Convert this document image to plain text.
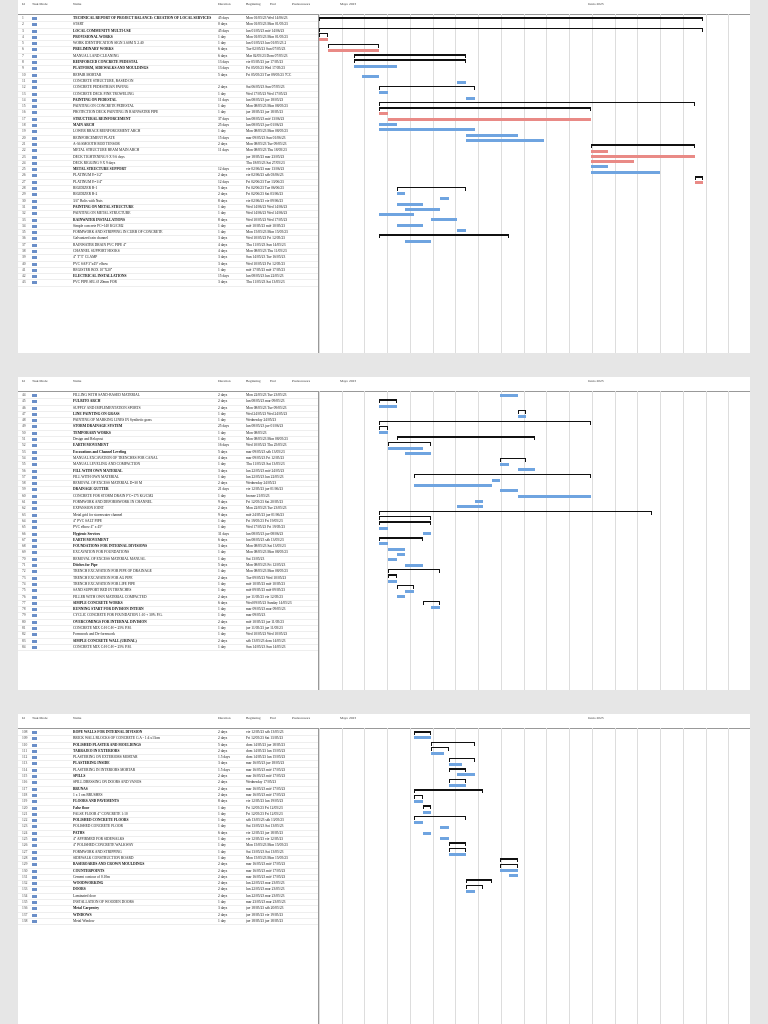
Id Task Mode	Name	Duration	Beginning	End	Predecessors	Mayo 2023	Junio 2023
1	TECHNICAL REPORT OF PROJECT BALANCE: CREATION OF LOCAL SERVICES	45 days	Mon 01/05/23 Wed 14/06/23
2	START	0 days	Mon 01/05/23 Mon 01/05/23
3	LOCAL COMMUNITY MULTI-USE	45 days	lun 01/05/23 mié 14/06/23
4	PROVISIONAL WORKS	1 day	Mon 01/05/23 Mon 01/05/23
5	WORK IDENTIFICATION SIGN 3.60M X 2.40	1 day	lun 01/05/23 lun 01/05/23 2
6	PRELIMINARY WORKS	6 days	Tue 02/05/23 Sun 07/05/23
7	MANUAL LAND CLEANING	6 days	Mar 02/05/23 Dom 07/05/23
8	REINFORCED CONCRETE PEDESTAL	13 days	vie 05/05/23 jue 17/05/23
9	PLATFORM, SIDEWALKS AND MOULDINGS	13 days	Fri 05/05/23 Wed 17/05/23
10	REPAIR MORTAR	5 days	Fri 05/05/23 Tue 09/05/23 7CC
11	CONCRETE STRUCTURE, BASED ON
12	CONCRETE PEDESTRIAN PAVING	2 days	Sat 06/05/23 Sun 07/05/23
13	CONCRETE DECK FINE TROWELING	1 day	Wed 17/05/23 Wed 17/05/23
14	PAINTING ON PEDESTAL	11 days	lun 08/05/23 jue 18/05/23
15	PAINTING ON CONCRETE PEDESTAL	1 day	Mon 08/05/23 Mon 08/05/23
16	PROTECTION DECK PAINTING IN RAINWATER PIPE	1 day	jue 18/05/23 jue 18/05/23
17	STRUCTURAL REINFORCEMENT	37 days	lun 08/05/23 mié 13/06/23
18	MAIN ARCH	25 days	lun 08/05/23 jue 01/06/23
19	LOWER BRACE REINFORCEMENT ARCH	1 day	Mon 08/05/23 Mon 08/05/23
20	REINFORCEMENT PLATE	15 days	mar 09/05/23 Sun 01/06/23
21	A-36 SMOOTH ROD TENSOR	2 days	Mon 08/05/23 Tue 09/05/23
22	METAL STRUCTURE BEAM MAIN ARCH	11 days	Mon 08/05/23 Thu 18/05/23
23	DECK TIGHTENING 9 X 9.6 days	jue 18/05/23 mar 23/05/23
24	DECK RIGGING 9 X 9 days	Thu 18/05/23 Sat 27/05/23
25	METAL STRUCTURE SUPPORT	12 days	vie 02/06/23 mar 13/06/23
26	PLATINUM E=1/2"	2 days	vie 02/06/23 sáb 03/06/23
27	PLATINUM E=1/4"	12 days	Fri 02/06/23 Tue 13/06/23
28	RIGIDIZER B-1	5 days	Fri 02/06/23 Tue 06/06/23
29	RIGIDIZER B-2	2 days	Fri 02/06/23 Sat 03/06/23
30	3/4" Bolts with Nuts	8 days	vie 02/06/23 vie 09/06/23
31	PAINTING ON METAL STRUCTURE	1 day	Wed 14/06/23 Wed 14/06/23
32	PAINTING ON METAL STRUCTURE	1 day	Wed 14/06/23 Wed 14/06/23
33	RAINWATER INSTALLATIONS	8 days	Wed 10/05/23 Wed 17/05/23
34	Simple concrete FC=140 KG/CM2	1 day	mié 10/05/23 mié 10/05/23
35	FORMWORK AND STRIPPING IN CURB OF CONCRETE	1 day	Mon 15/05/23 Mon 15/05/23
36	Galvanized rain channel	3 days	Wed 10/05/23 Fri 12/05/23
37	RAINWATER DRAIN PVC PIPE 4"	4 days	Thu 11/05/23 Sun 14/05/23
38	CHANNEL SUPPORT HOOKS	4 days	Mon 08/05/23 Thu 11/05/23
39	4" T"3" CLAMP	3 days	Sun 14/05/23 Tue 16/05/23
40	PVC SAP 3"x45° elbow	3 days	Wed 10/05/23 Fri 12/05/23
41	REGISTER BOX 10"X20"	1 day	mié 17/05/23 mié 17/05/23
42	ELECTRICAL INSTALLATIONS	15 days	lun 08/05/23 lun 22/05/23
43	PVC PIPE SEL Ø 20mm FOR	3 days	Thu 11/05/23 Sat 13/05/23
Id Task Mode	Name	Duration	Beginning	End	Predecessors	Mayo 2023	Junio 2023
44	FILLING WITH SAND-BASED MATERIAL	2 days	Mon 22/05/23 Tue 23/05/23
45	FULBITO ARCH	2 days	lun 08/05/23 mar 09/05/23
46	SUPPLY AND IMPLEMENTATION SPORTS	2 days	Mon 08/05/23 Tue 09/05/23
47	LINE PAINTING ON GRASS	1 day	Wed 24/05/23 Wed 24/05/23
48	PAINTING OF MARKING LINES IN Synthetic grass	1 day	Wednesday 24/05/23
49	STORM DRAINAGE SYSTEM	25 days	lun 08/05/23 jue 01/06/23
50	TEMPORARY WORKS	1 day	Mon 08/05/23
51	Design and Relayout	1 day	Mon 08/05/23 Mon 08/05/23
52	EARTH MOVEMENT	16 days	Wed 10/05/23 Thu 25/05/23
53	Excavations and Channel Leveling	5 days	mar 09/05/23 sáb 13/05/23
54	MANUAL EXCAVATION OF TRENCHES FOR CANAL	4 days	mar 09/05/23 Fri 12/05/23
55	MANUAL LEVELING AND COMPACTION	1 day	Thu 11/05/23 Sat 13/05/23
56	FILL WITH OWN MATERIAL	3 days	lun 22/05/23 mié 24/05/23
57	FILL WITH OWN MATERIAL	1 day	lun 22/05/23 lun 22/05/23
58	REMOVAL OF EXCESS MATERIAL D=30 M	2 days	Wednesday 24/05/23
59	DRAINAGE GUTTER	21 days	vie 12/05/23 jue 01/06/23
60	CONCRETE FOR STORM DRAIN F'C=175 KG/CM2	1 day	bronze 21/05/23
61	FORMWORK AND DEFORMWORK IN CHANNEL	9 days	Fri 12/05/23 Sat 20/05/23
62	EXPANSION JOINT	2 days	Mon 22/05/23 Tue 23/05/23
63	Metal grid for stormwater channel	9 days	mié 24/05/23 jue 01/06/23
64	4" PVC SALT PIPE	1 day	Fri 19/05/23 Fri 19/05/23
65	PVC elbow 4" x 45°	1 day	Wed 17/05/23 Fri 19/05/23
66	Hygienic Services	31 days	lun 08/05/23 jue 08/06/23
67	EARTH MOVEMENT	6 days	lun 08/05/23 sáb 13/05/23
68	FOUNDATIONS FOR INTERNAL DIVISIONS	3 days	Mon 08/05/23 Sat 13/05/23
69	EXCAVATION FOR FOUNDATIONS	1 day	Mon 08/05/23 Mon 08/05/23
70	REMOVAL OF EXCESS MATERIAL MANUAL	1 day	Sat 13/05/23
71	Ditches for Pipe	5 days	Mon 08/05/23 Fri 12/05/23
72	TRENCH EXCAVATION FOR PIPE OF DRAINAGE	1 day	Mon 08/05/23 Mon 08/05/23
73	TRENCH EXCAVATION FOR AG PIPE	2 days	Tue 09/05/23 Wed 10/05/23
74	TRENCH EXCAVATION FOR LIFE PIPE	1 day	mié 10/05/23 mié 10/05/23
75	SAND SUPPORT BED IN TRENCHES	1 day	mié 09/05/23 mié 09/05/23
76	FILLER WITH OWN MATERIAL COMPACTED	2 days	jue 11/05/23 vie 12/05/23
77	SIMPLE CONCRETE WORKS	6 days	Wed 09/05/23 Sunday 14/05/23
78	RUNNING START FOR DIVISION INTERN	1 day	mar 09/05/23 mar 09/05/23
79	CYCLIC CONCRETE FOR FOUNDATION 1:10 + 30% P.G.	1 day	mar 09/05/23
80	OVERCOMINGS FOR INTERNAL DIVISION	2 days	mié 10/05/23 jue 11/05/23
81	CONCRETE MIX C:H C:H = 25% P.M.	1 day	jue 11/05/23 jue 11/05/23
82	Formwork and De-formwork	1 day	Wed 10/05/23 Wed 10/05/23
83	SIMPLE CONCRETE WALL (URINAL)	2 days	sáb 13/05/23 dom 14/05/23
84	CONCRETE MIX C:H C:H = 25% P.M.	1 day	Sun 14/05/23 Sun 14/05/23
Id Task Mode	Name	Duration	Beginning	End	Predecessors	Mayo 2023	Junio 2023
108	ROPE WALLS FOR INTERNAL DIVISION	2 days	vie 12/05/23 sáb 13/05/23
109	BRICK WALL BLOCKS OF CONCRETE C:A - 1:4 x13cm	2 days	Fri 12/05/23 Sat 13/05/23
110	POLISHED PLASTER AND MOULDINGS	5 days	dom 14/05/23 jue 18/05/23
111	TARRAJEO IN EXTERIORS	2 days	dom 14/05/23 lun 15/05/23
112	PLASTERING ON EXTERIORS MORTAR	1.5 days	dom 14/05/23 lun 15/05/23
113	PLASTERING INSIDE	3 days	mar 16/05/23 jue 18/05/23
114	PLASTERING IN INTERIORS MORTAR	1.5 days	mar 16/05/23 mié 17/05/23
115	SPILLS	2 days	mar 16/05/23 mié 17/05/23
116	SPILL DRESSING ON DOORS AND VANOS	2 days	Wednesday 17/05/23
117	BRUNAS	2 days	mar 16/05/23 mié 17/05/23
118	1 x 1 cm BRUSHES	2 days	mar 16/05/23 mié 17/05/23
119	FLOORS AND PAVEMENTS	8 days	vie 12/05/23 lun 19/05/23
120	False floor	1 day	Fri 12/05/23 Fri 12/05/23
121	FALSE FLOOR 4" CONCRETE 1:10	1 day	Fri 12/05/23 Fri 12/05/23
122	POLISHED CONCRETE FLOORS	1 day	sáb 13/05/23 sáb 13/05/23
123	POLISHED CONCRETE FLOOR	1 day	Sat 13/05/23 Sat 13/05/23
124	PATHS	6 days	vie 12/05/23 jue 18/05/23
125	4" AFFIRMED FOR SIDEWALKS	1 day	vie 12/05/23 vie 12/05/23
126	4" POLISHED CONCRETE WALKWAY	1 day	Mon 15/05/23 Mon 15/05/23
127	FORMWORK AND STRIPPING	1 day	Sat 13/05/23 Sat 13/05/23
128	SIDEWALK CONSTRUCTION BOARD	1 day	Mon 15/05/23 Mon 15/05/23
129	BASEBOARDS AND CROWN MOULDINGS	2 days	mar 16/05/23 mié 17/05/23
130	COUNTERPOINTS	2 days	mar 16/05/23 mié 17/05/23
131	Cement contour of 0.10m	2 days	mar 16/05/23 mié 17/05/23
132	WOODWORKING	2 days	lun 22/05/23 mar 23/05/23
133	DOORS	2 days	lun 22/05/23 mar 23/05/23
134	Laminated door	2 days	lun 22/05/23 mar 23/05/23
135	INSTALLATION OF WOODEN DOORS	1 day	mar 23/05/23 mar 23/05/23
136	Metal Carpentry	3 days	jue 18/05/23 sáb 20/05/23
137	WINDOWS	2 days	jue 18/05/23 vie 19/05/23
138	Metal Window	1 day	jue 18/05/23 jue 18/05/23
